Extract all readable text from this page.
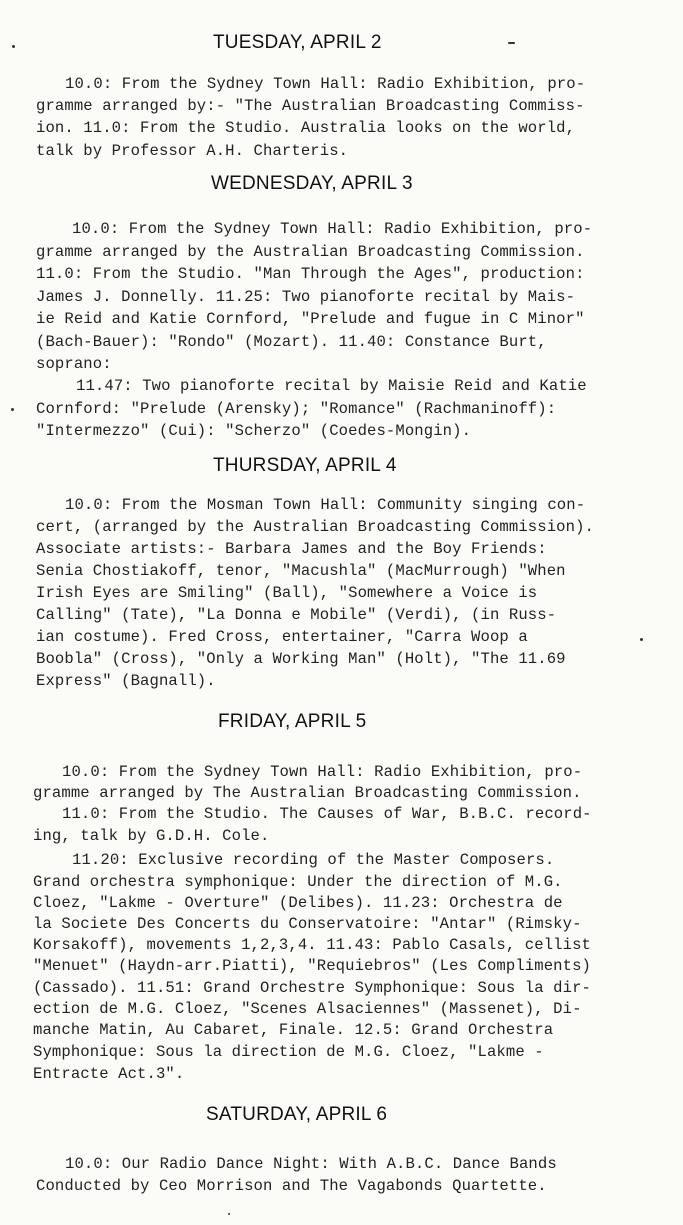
TUESDAY, APRIL 2
10.0: From the Sydney Town Hall: Radio Exhibition, pro-
gramme arranged by:- "The Australian Broadcasting Commiss-
ion. 11.0: From the Studio. Australia looks on the world,
talk by Professor A.H. Charteris.
WEDNESDAY, APRIL 3
10.0: From the Sydney Town Hall: Radio Exhibition, pro-
gramme arranged by the Australian Broadcasting Commission.
11.0: From the Studio. "Man Through the Ages", production:
James J. Donnelly. 11.25: Two pianoforte recital by Mais-
ie Reid and Katie Cornford, "Prelude and fugue in C Minor"
(Bach-Bauer): "Rondo" (Mozart). 11.40: Constance Burt,
soprano:
11.47: Two pianoforte recital by Maisie Reid and Katie
Cornford: "Prelude (Arensky); "Romance" (Rachmaninoff):
"Intermezzo" (Cui): "Scherzo" (Coedes-Mongin).
THURSDAY, APRIL 4
10.0: From the Mosman Town Hall: Community singing con-
cert, (arranged by the Australian Broadcasting Commission).
Associate artists:- Barbara James and the Boy Friends:
Senia Chostiakoff, tenor, "Macushla" (MacMurrough) "When
Irish Eyes are Smiling" (Ball), "Somewhere a Voice is
Calling" (Tate), "La Donna e Mobile" (Verdi), (in Russ-
ian costume). Fred Cross, entertainer, "Carra Woop a
Boobla" (Cross), "Only a Working Man" (Holt), "The 11.69
Express" (Bagnall).
FRIDAY, APRIL 5
10.0: From the Sydney Town Hall: Radio Exhibition, pro-
gramme arranged by The Australian Broadcasting Commission.
11.0: From the Studio. The Causes of War, B.B.C. record-
ing, talk by G.D.H. Cole.
11.20: Exclusive recording of the Master Composers.
Grand orchestra symphonique: Under the direction of M.G.
Cloez, "Lakme - Overture" (Delibes). 11.23: Orchestra de
la Societe Des Concerts du Conservatoire: "Antar" (Rimsky-
Korsakoff), movements 1,2,3,4. 11.43: Pablo Casals, cellist
"Menuet" (Haydn-arr.Piatti), "Requiebros" (Les Compliments)
(Cassado). 11.51: Grand Orchestre Symphonique: Sous la dir-
ection de M.G. Cloez, "Scenes Alsaciennes" (Massenet), Di-
manche Matin, Au Cabaret, Finale. 12.5: Grand Orchestra
Symphonique: Sous la direction de M.G. Cloez, "Lakme -
Entracte Act.3".
SATURDAY, APRIL 6
10.0: Our Radio Dance Night: With A.B.C. Dance Bands
Conducted by Ceo Morrison and The Vagabonds Quartette.
